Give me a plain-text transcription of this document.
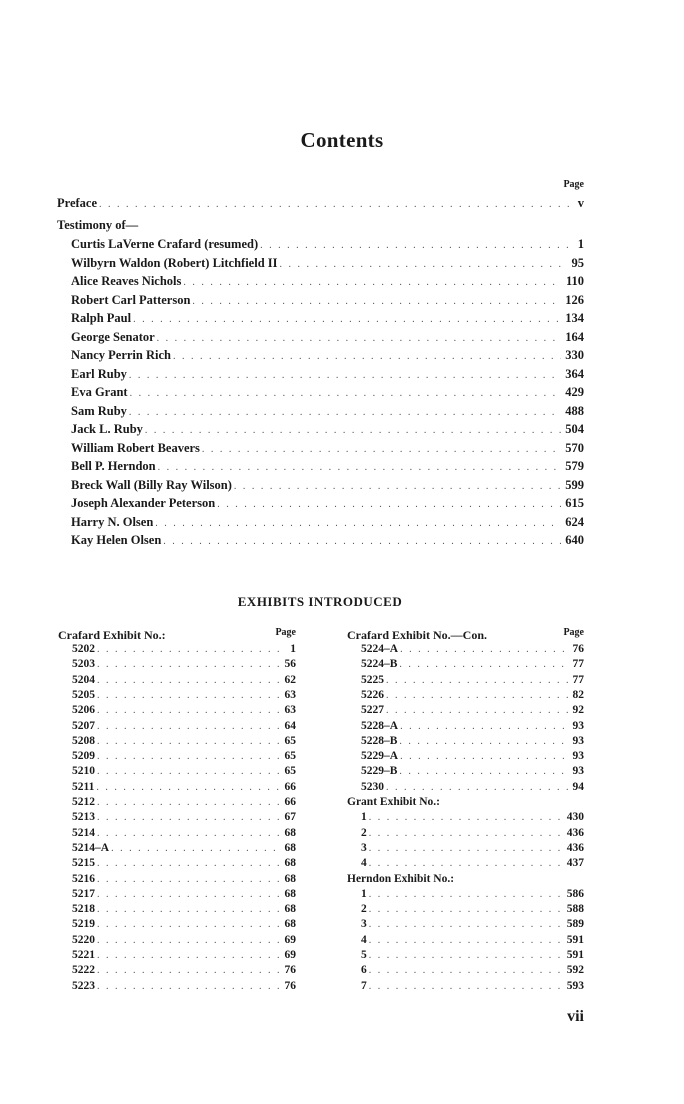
Contents
Page
Preface . . .	v
Testimony of—
Curtis LaVerne Crafard (resumed) . . .	1
Wilbyrn Waldon (Robert) Litchfield II . . .	95
Alice Reaves Nichols . . .	110
Robert Carl Patterson . . .	126
Ralph Paul . . .	134
George Senator . . .	164
Nancy Perrin Rich . . .	330
Earl Ruby . . .	364
Eva Grant . . .	429
Sam Ruby . . .	488
Jack L. Ruby . . .	504
William Robert Beavers . . .	570
Bell P. Herndon . . .	579
Breck Wall (Billy Ray Wilson) . . .	599
Joseph Alexander Peterson . . .	615
Harry N. Olsen . . .	624
Kay Helen Olsen . . .	640
EXHIBITS INTRODUCED
Crafard Exhibit No.:	Page
5202 . . .	1
5203 . . .	56
5204 . . .	62
5205 . . .	63
5206 . . .	63
5207 . . .	64
5208 . . .	65
5209 . . .	65
5210 . . .	65
5211 . . .	66
5212 . . .	66
5213 . . .	67
5214 . . .	68
5214–A . . .	68
5215 . . .	68
5216 . . .	68
5217 . . .	68
5218 . . .	68
5219 . . .	68
5220 . . .	69
5221 . . .	69
5222 . . .	76
5223 . . .	76
Crafard Exhibit No.—Con.	Page
5224–A . . .	76
5224–B . . .	77
5225 . . .	77
5226 . . .	82
5227 . . .	92
5228–A . . .	93
5228–B . . .	93
5229–A . . .	93
5229–B . . .	93
5230 . . .	94
Grant Exhibit No.:
1 . . .	430
2 . . .	436
3 . . .	436
4 . . .	437
Herndon Exhibit No.:
1 . . .	586
2 . . .	588
3 . . .	589
4 . . .	591
5 . . .	591
6 . . .	592
7 . . .	593
vii
